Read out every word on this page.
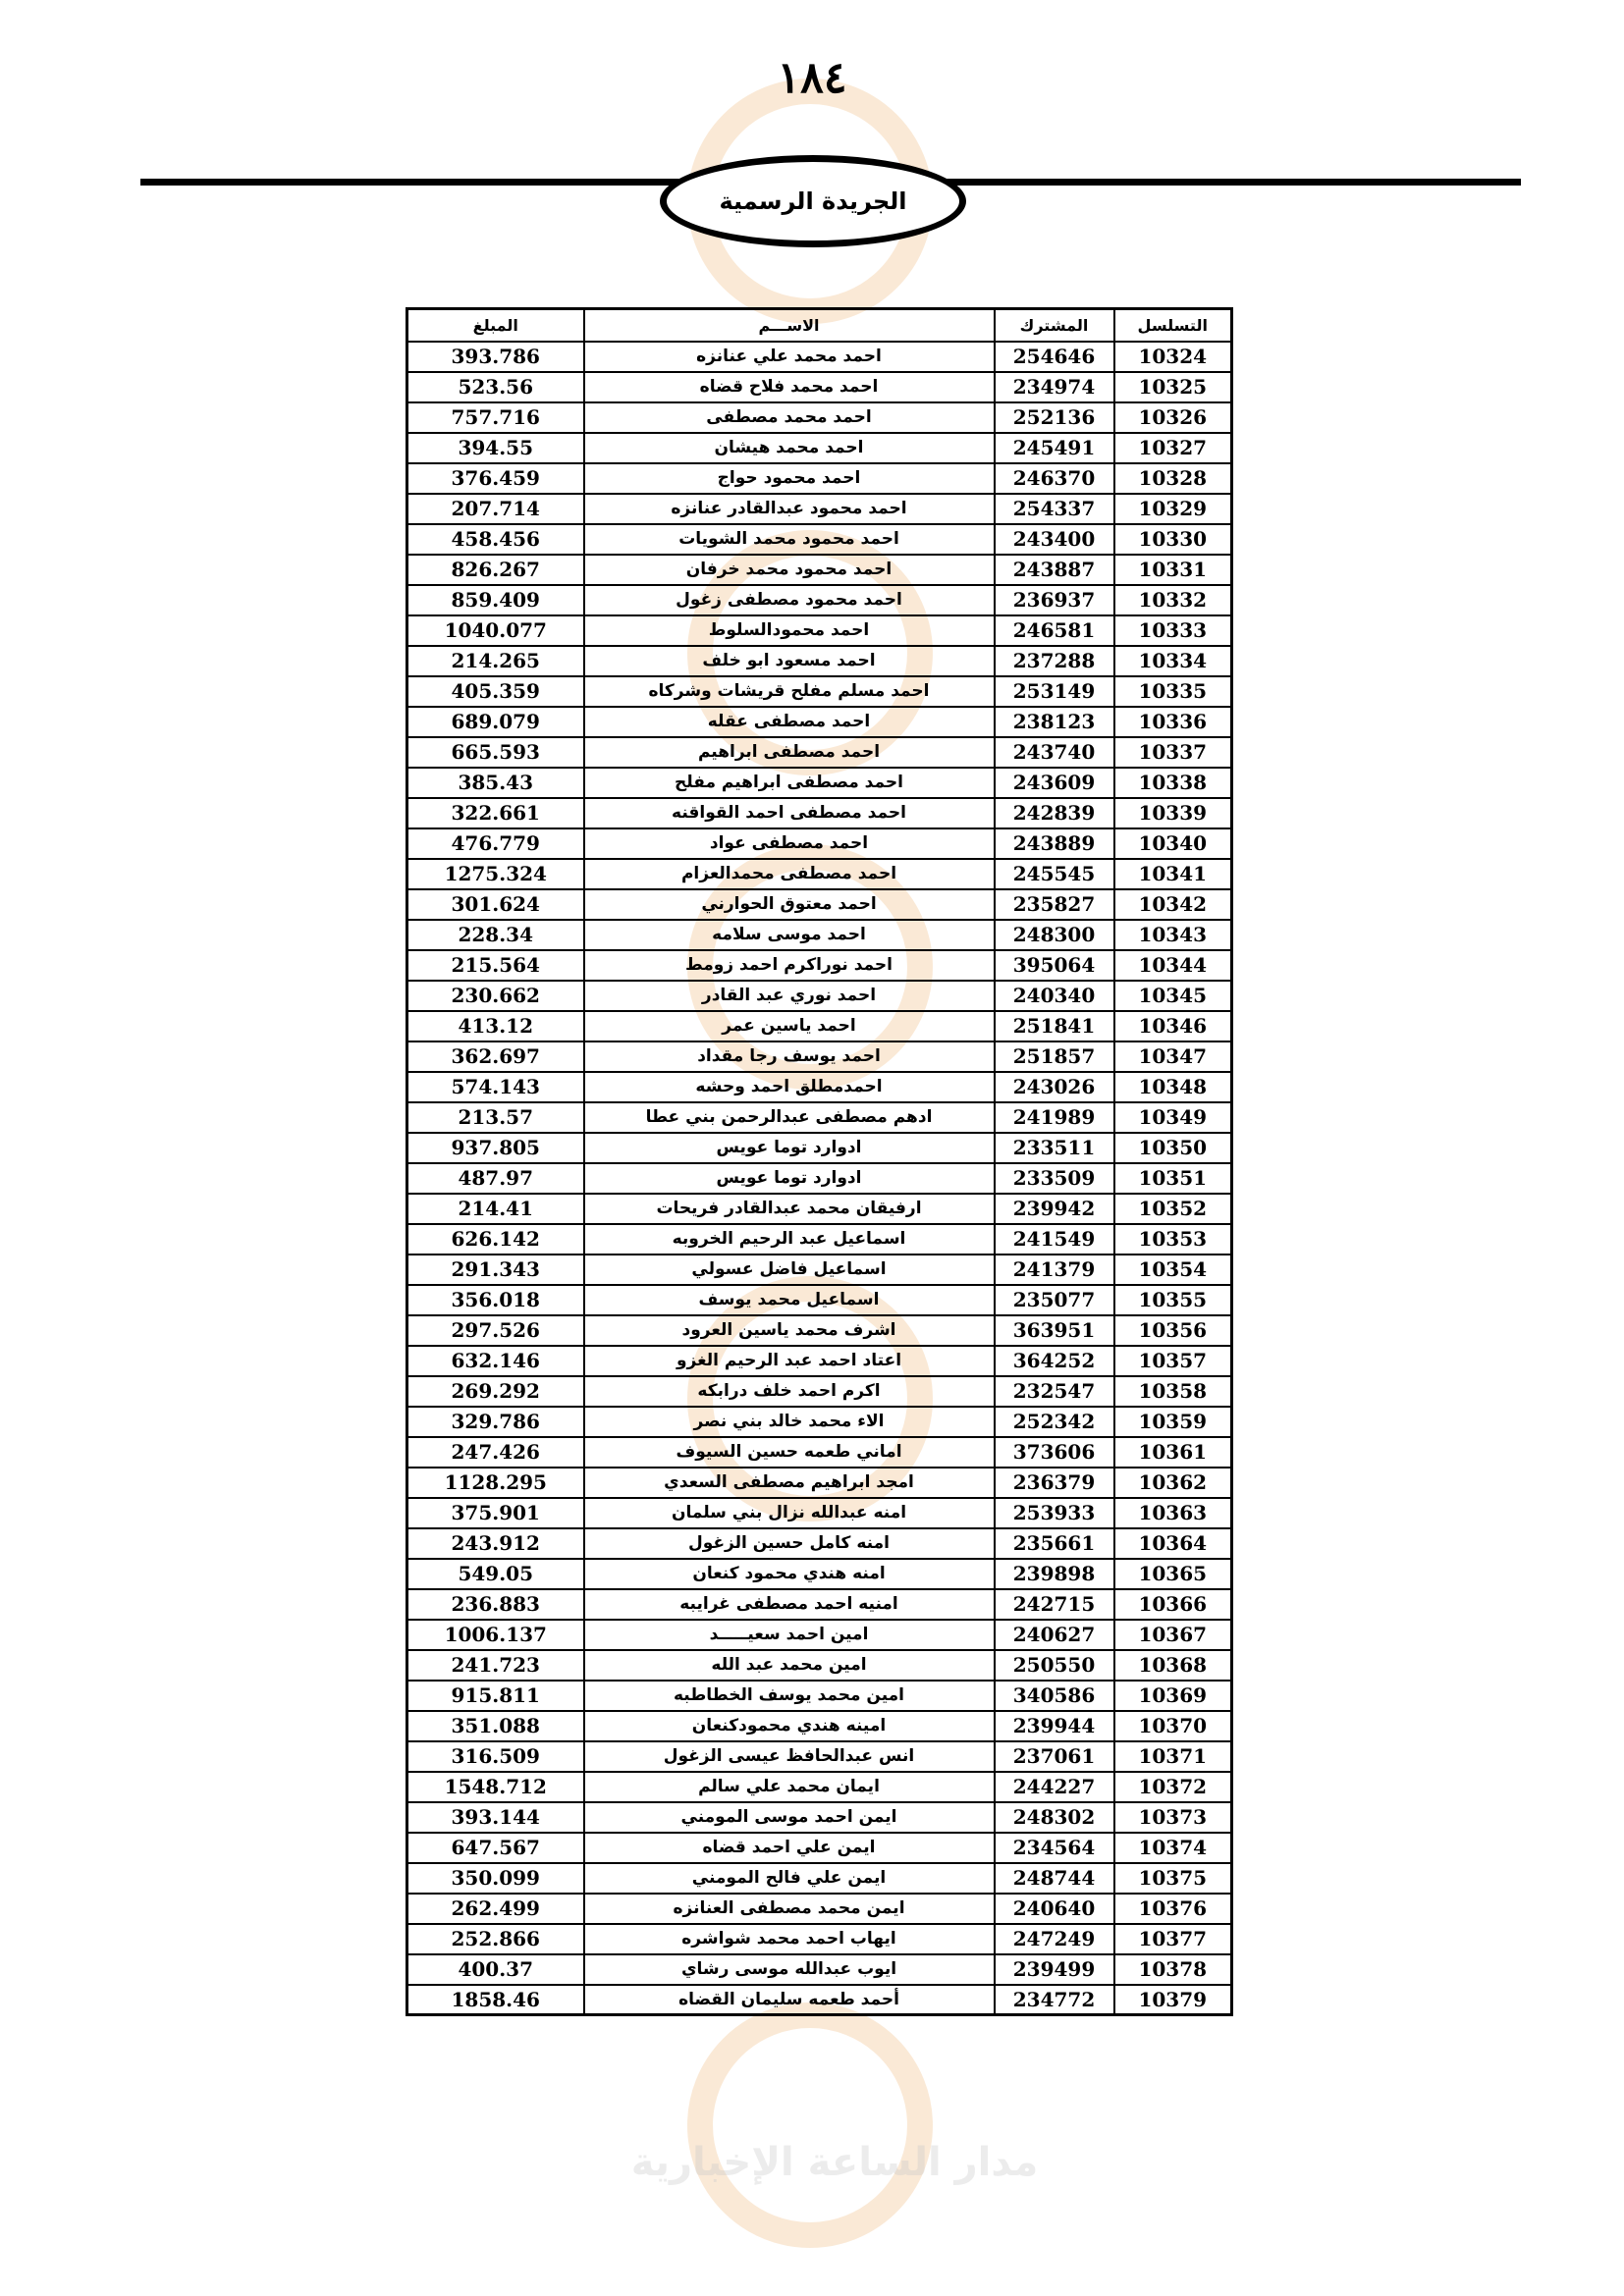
مدار الساعة الإخبارية
١٨٤
الجريدة الرسمية
التسلسل	المشترك	الاســـم	المبلغ
10324	254646	احمد محمد علي عنانزه	393.786
10325	234974	احمد محمد فلاح قضاه	523.56
10326	252136	احمد محمد مصطفى	757.716
10327	245491	احمد محمد هيشان	394.55
10328	246370	احمد محمود حواج	376.459
10329	254337	احمد محمود عبدالقادر عنانزه	207.714
10330	243400	احمد محمود محمد الشويات	458.456
10331	243887	احمد محمود محمد خرفان	826.267
10332	236937	احمد محمود مصطفى زغول	859.409
10333	246581	احمد محمودالسلوط	1040.077
10334	237288	احمد مسعود ابو خلف	214.265
10335	253149	احمد مسلم مفلح قريشات وشركاه	405.359
10336	238123	احمد مصطفى عقله	689.079
10337	243740	احمد مصطفى ابراهيم	665.593
10338	243609	احمد مصطفى ابراهيم مفلح	385.43
10339	242839	احمد مصطفى احمد القواقنه	322.661
10340	243889	احمد مصطفى عواد	476.779
10341	245545	احمد مصطفى محمدالعزام	1275.324
10342	235827	احمد معتوق الحوارني	301.624
10343	248300	احمد موسى سلامه	228.34
10344	395064	احمد نوراكرم احمد زومط	215.564
10345	240340	احمد نوري عبد القادر	230.662
10346	251841	احمد ياسين عمر	413.12
10347	251857	احمد يوسف رجا مقداد	362.697
10348	243026	احمدمطلق احمد وحشه	574.143
10349	241989	ادهم مصطفى عبدالرحمن بني عطا	213.57
10350	233511	ادوارد توما عويس	937.805
10351	233509	ادوارد توما عويس	487.97
10352	239942	ارفيقان محمد عبدالقادر فريحات	214.41
10353	241549	اسماعيل عبد الرحيم الخروبه	626.142
10354	241379	اسماعيل فاضل عسولي	291.343
10355	235077	اسماعيل محمد يوسف	356.018
10356	363951	اشرف محمد ياسين العرود	297.526
10357	364252	اعتاد احمد عبد الرحيم الغزو	632.146
10358	232547	اكرم احمد خلف درابكه	269.292
10359	252342	الاء محمد خالد بني نصر	329.786
10361	373606	اماني طعمه حسين السيوف	247.426
10362	236379	امجد ابراهيم مصطفى السعدي	1128.295
10363	253933	امنه عبدالله نزال بني سلمان	375.901
10364	235661	امنه كامل حسين الزغول	243.912
10365	239898	امنه هندي محمود كنعان	549.05
10366	242715	امنيه احمد مصطفى غرايبه	236.883
10367	240627	امين احمد سعيـــــد	1006.137
10368	250550	امين محمد عبد الله	241.723
10369	340586	امين محمد يوسف الخطاطبه	915.811
10370	239944	امينه هندي محمودكنعان	351.088
10371	237061	انس عبدالحافظ عيسى الزغول	316.509
10372	244227	ايمان محمد علي سالم	1548.712
10373	248302	ايمن احمد موسى المومني	393.144
10374	234564	ايمن علي احمد قضاه	647.567
10375	248744	ايمن علي فالح المومني	350.099
10376	240640	ايمن محمد مصطفى العنانزه	262.499
10377	247249	ايهاب احمد محمد شواشره	252.866
10378	239499	ايوب عبدالله موسى رشاي	400.37
10379	234772	أحمد طعمه سليمان القضاه	1858.46
